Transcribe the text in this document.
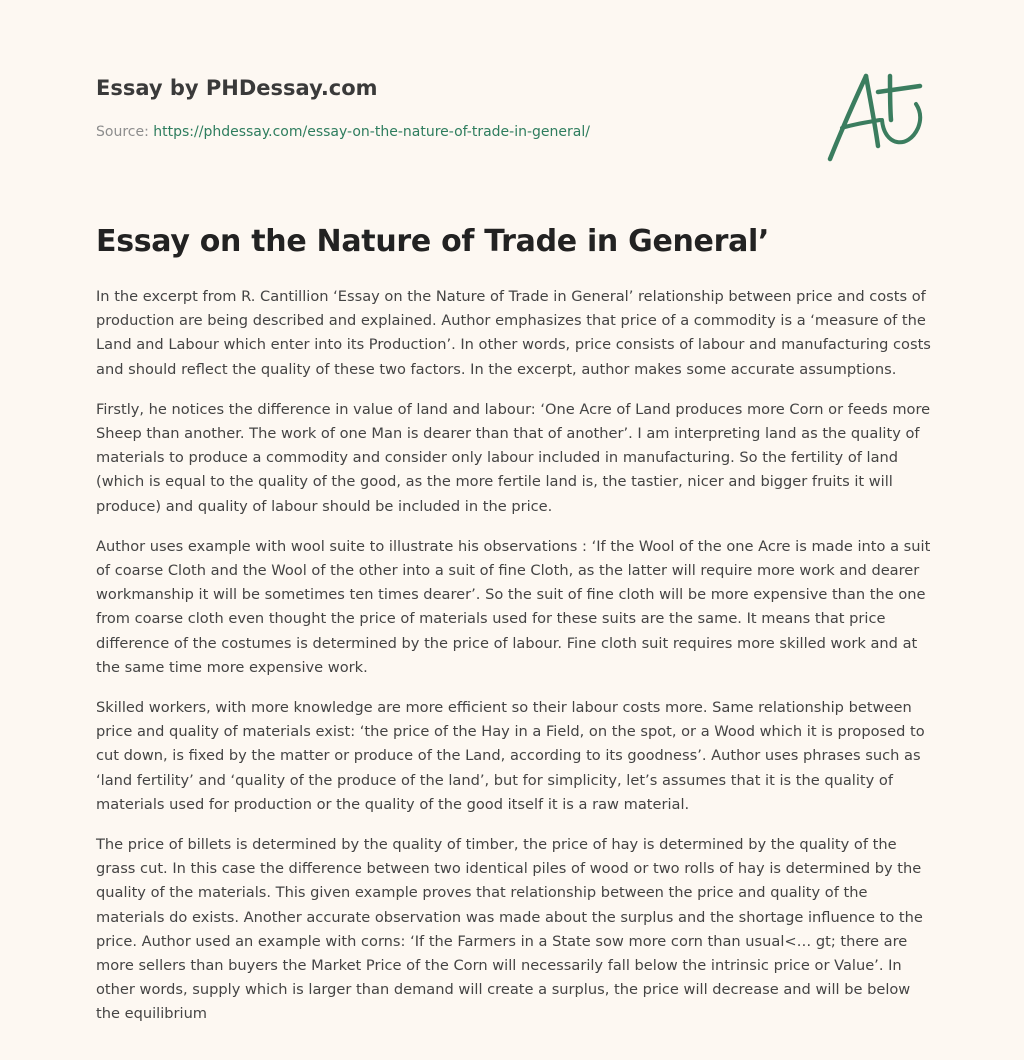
Essay by PHDessay.com
Source: https://phdessay.com/essay-on-the-nature-of-trade-in-general/
Essay on the Nature of Trade in General’

In the excerpt from R. Cantillion ‘Essay on the Nature of Trade in General’ relationship between price and costs of production are being described and explained. Author emphasizes that price of a commodity is a ‘measure of the Land and Labour which enter into its Production’. In other words, price consists of labour and manufacturing costs and should reflect the quality of these two factors. In the excerpt, author makes some accurate assumptions.

Firstly, he notices the difference in value of land and labour: ‘One Acre of Land produces more Corn or feeds more Sheep than another. The work of one Man is dearer than that of another’. I am interpreting land as the quality of materials to produce a commodity and consider only labour included in manufacturing. So the fertility of land (which is equal to the quality of the good, as the more fertile land is, the tastier, nicer and bigger fruits it will produce) and quality of labour should be included in the price.

Author uses example with wool suite to illustrate his observations : ‘If the Wool of the one Acre is made into a suit of coarse Cloth and the Wool of the other into a suit of fine Cloth, as the latter will require more work and dearer workmanship it will be sometimes ten times dearer’. So the suit of fine cloth will be more expensive than the one from coarse cloth even thought the price of materials used for these suits are the same. It means that price difference of the costumes is determined by the price of labour. Fine cloth suit requires more skilled work and at the same time more expensive work.

Skilled workers, with more knowledge are more efficient so their labour costs more. Same relationship between price and quality of materials exist: ‘the price of the Hay in a Field, on the spot, or a Wood which it is proposed to cut down, is fixed by the matter or produce of the Land, according to its goodness’. Author uses phrases such as ‘land fertility’ and ‘quality of the produce of the land’, but for simplicity, let’s assumes that it is the quality of materials used for production or the quality of the good itself it is a raw material.

The price of billets is determined by the quality of timber, the price of hay is determined by the quality of the grass cut. In this case the difference between two identical piles of wood or two rolls of hay is determined by the quality of the materials. This given example proves that relationship between the price and quality of the materials do exists. Another accurate observation was made about the surplus and the shortage influence to the price. Author used an example with corns: ‘If the Farmers in a State sow more corn than usual<… gt; there are more sellers than buyers the Market Price of the Corn will necessarily fall below the intrinsic price or Value’. In other words, supply which is larger than demand will create a surplus, the price will decrease and will be below the equilibrium
